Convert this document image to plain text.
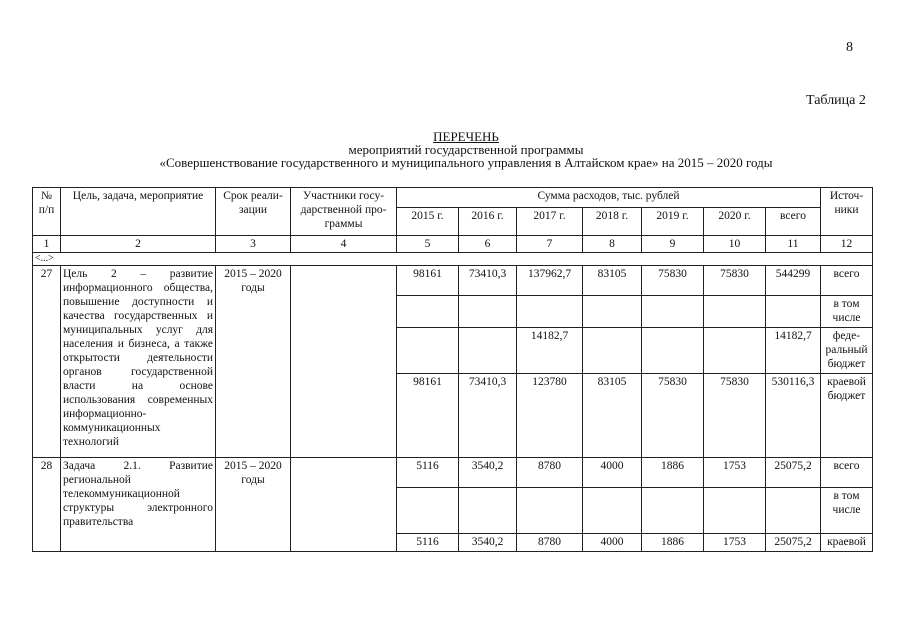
8
Таблица 2
ПЕРЕЧЕНЬ
мероприятий государственной программы
«Совершенствование государственного и муниципального управления в Алтайском крае» на 2015 – 2020 годы
№ п/п	Цель, задача, мероприятие	Срок реали-зации	Участники госу-дарственной про-граммы	Сумма расходов, тыс. рублей							Источ-ники
				2015 г.	2016 г.	2017 г.	2018 г.	2019 г.	2020 г.	всего	
1	2	3	4	5	6	7	8	9	10	11	12
<...>											
27	Цель 2 – развитие информационного общества, повышение доступности и качества государственных и муниципальных услуг для населения и бизнеса, а также открытости деятельности органов государственной власти на основе использования современных информационно-коммуникационных технологий	2015 – 2020 годы		98161	73410,3	137962,7	83105	75830	75830	544299	всего
											в том числе
						14182,7				14182,7	феде-ральный бюджет
				98161	73410,3	123780	83105	75830	75830	530116,3	краевой бюджет
28	Задача 2.1. Развитие региональной телекоммуникационной структуры электронного правительства	2015 – 2020 годы		5116	3540,2	8780	4000	1886	1753	25075,2	всего
											в том числе
				5116	3540,2	8780	4000	1886	1753	25075,2	краевой
